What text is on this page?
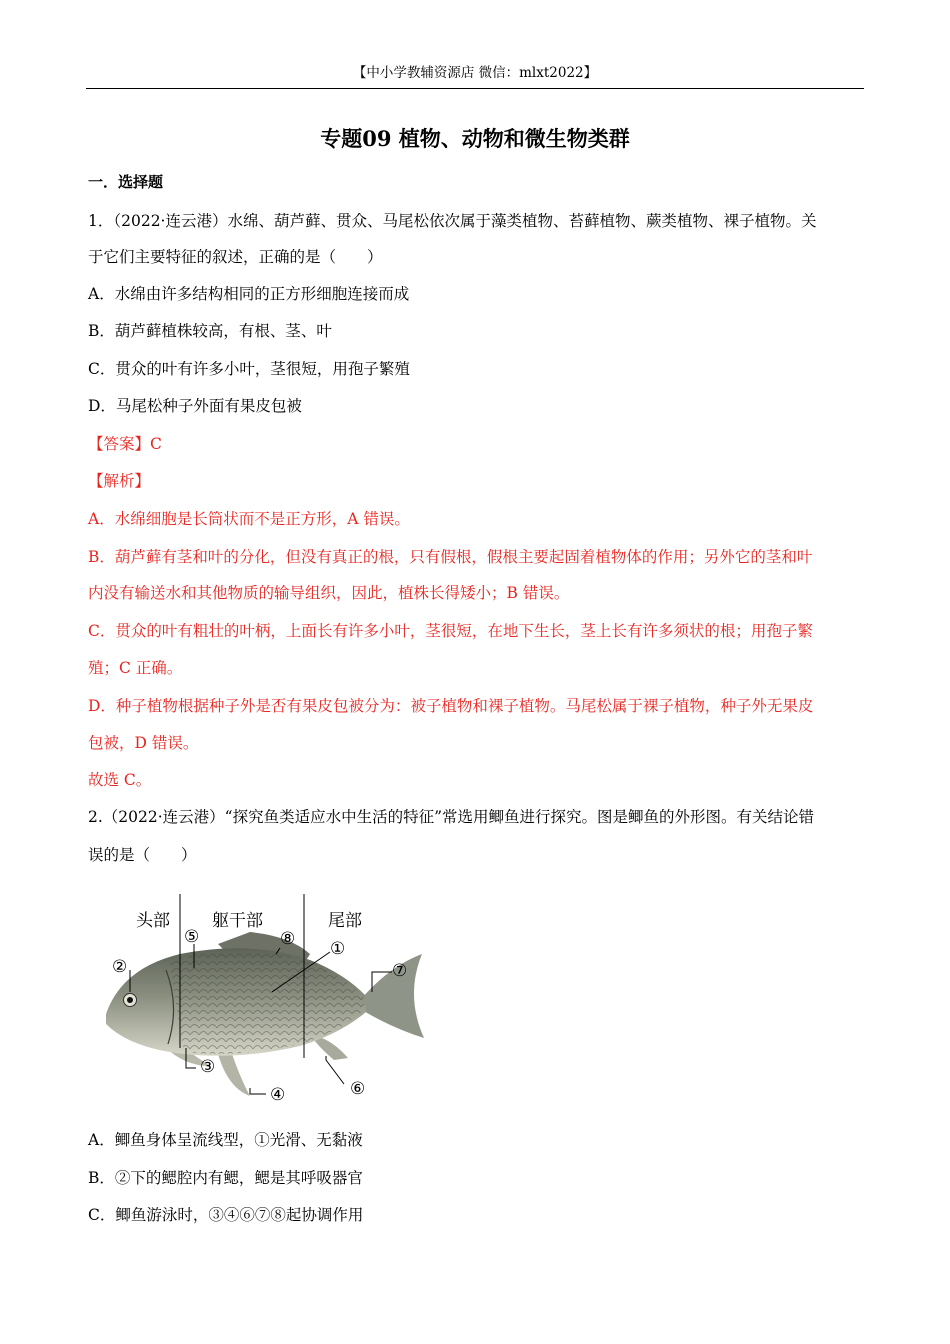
【中小学教辅资源店 微信：mlxt2022】
专题09 植物、动物和微生物类群
一．选择题
1．（2022·连云港）水绵、葫芦藓、贯众、马尾松依次属于藻类植物、苔藓植物、蕨类植物、裸子植物。关
于它们主要特征的叙述，正确的是（　　）
A．水绵由许多结构相同的正方形细胞连接而成
B．葫芦藓植株较高，有根、茎、叶
C．贯众的叶有许多小叶，茎很短，用孢子繁殖
D．马尾松种子外面有果皮包被
【答案】C
【解析】
A．水绵细胞是长筒状而不是正方形，A 错误。
B．葫芦藓有茎和叶的分化，但没有真正的根，只有假根，假根主要起固着植物体的作用；另外它的茎和叶
内没有输送水和其他物质的输导组织，因此，植株长得矮小；B 错误。
C．贯众的叶有粗壮的叶柄，上面长有许多小叶，茎很短，在地下生长，茎上长有许多须状的根；用孢子繁
殖；C 正确。
D．种子植物根据种子外是否有果皮包被分为：被子植物和裸子植物。马尾松属于裸子植物，种子外无果皮
包被，D 错误。
故选 C。
2.（2022·连云港）“探究鱼类适应水中生活的特征”常选用鲫鱼进行探究。图是鲫鱼的外形图。有关结论错
误的是（　　）
头部 躯干部	尾部
①
②
③
④
⑤
⑥
⑦
⑧
A．鲫鱼身体呈流线型，①光滑、无黏液
B．②下的鳃腔内有鳃，鳃是其呼吸器官
C．鲫鱼游泳时，③④⑥⑦⑧起协调作用
